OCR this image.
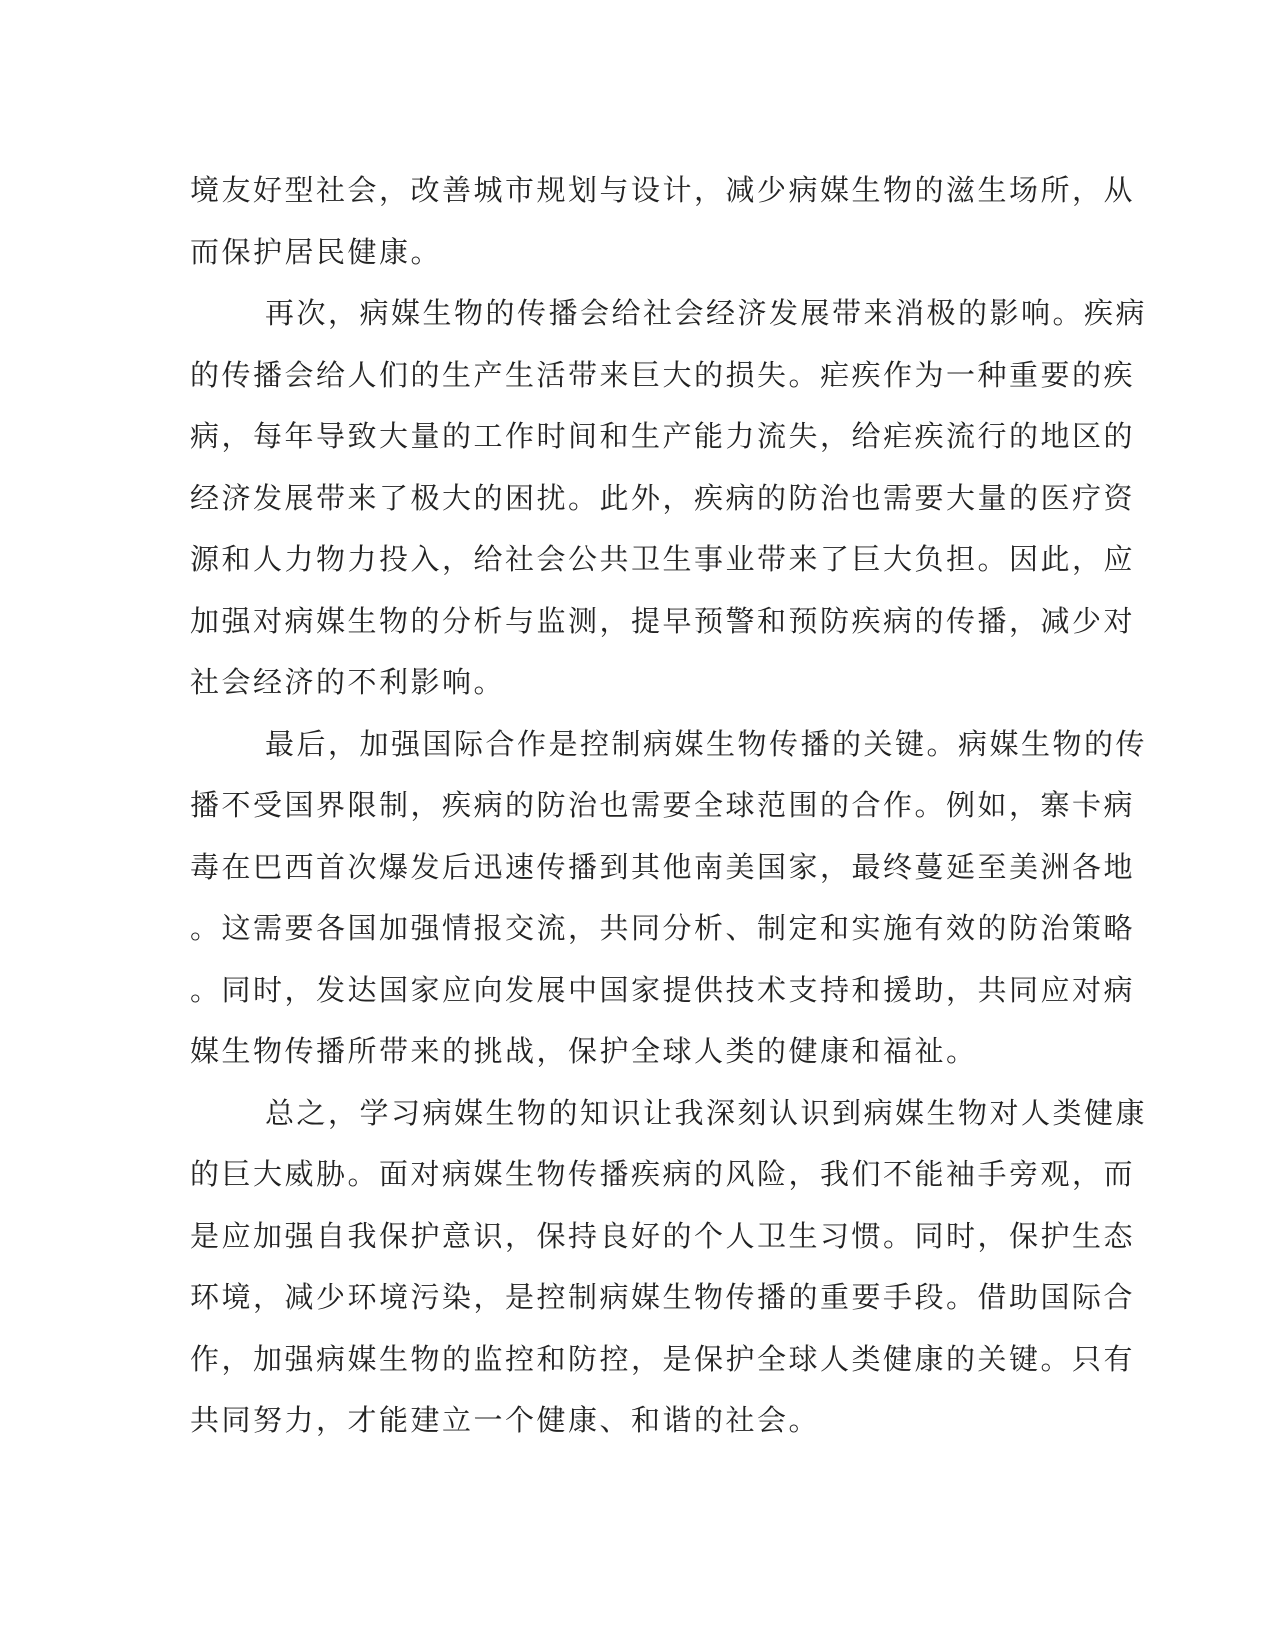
境友好型社会，改善城市规划与设计，减少病媒生物的滋生场所，从
而保护居民健康。
再次，病媒生物的传播会给社会经济发展带来消极的影响。疾病
的传播会给人们的生产生活带来巨大的损失。疟疾作为一种重要的疾
病，每年导致大量的工作时间和生产能力流失，给疟疾流行的地区的
经济发展带来了极大的困扰。此外，疾病的防治也需要大量的医疗资
源和人力物力投入，给社会公共卫生事业带来了巨大负担。因此，应
加强对病媒生物的分析与监测，提早预警和预防疾病的传播，减少对
社会经济的不利影响。
最后，加强国际合作是控制病媒生物传播的关键。病媒生物的传
播不受国界限制，疾病的防治也需要全球范围的合作。例如，寨卡病
毒在巴西首次爆发后迅速传播到其他南美国家，最终蔓延至美洲各地
。这需要各国加强情报交流，共同分析、制定和实施有效的防治策略
。同时，发达国家应向发展中国家提供技术支持和援助，共同应对病
媒生物传播所带来的挑战，保护全球人类的健康和福祉。
总之，学习病媒生物的知识让我深刻认识到病媒生物对人类健康
的巨大威胁。面对病媒生物传播疾病的风险，我们不能袖手旁观，而
是应加强自我保护意识，保持良好的个人卫生习惯。同时，保护生态
环境，减少环境污染，是控制病媒生物传播的重要手段。借助国际合
作，加强病媒生物的监控和防控，是保护全球人类健康的关键。只有
共同努力，才能建立一个健康、和谐的社会。
